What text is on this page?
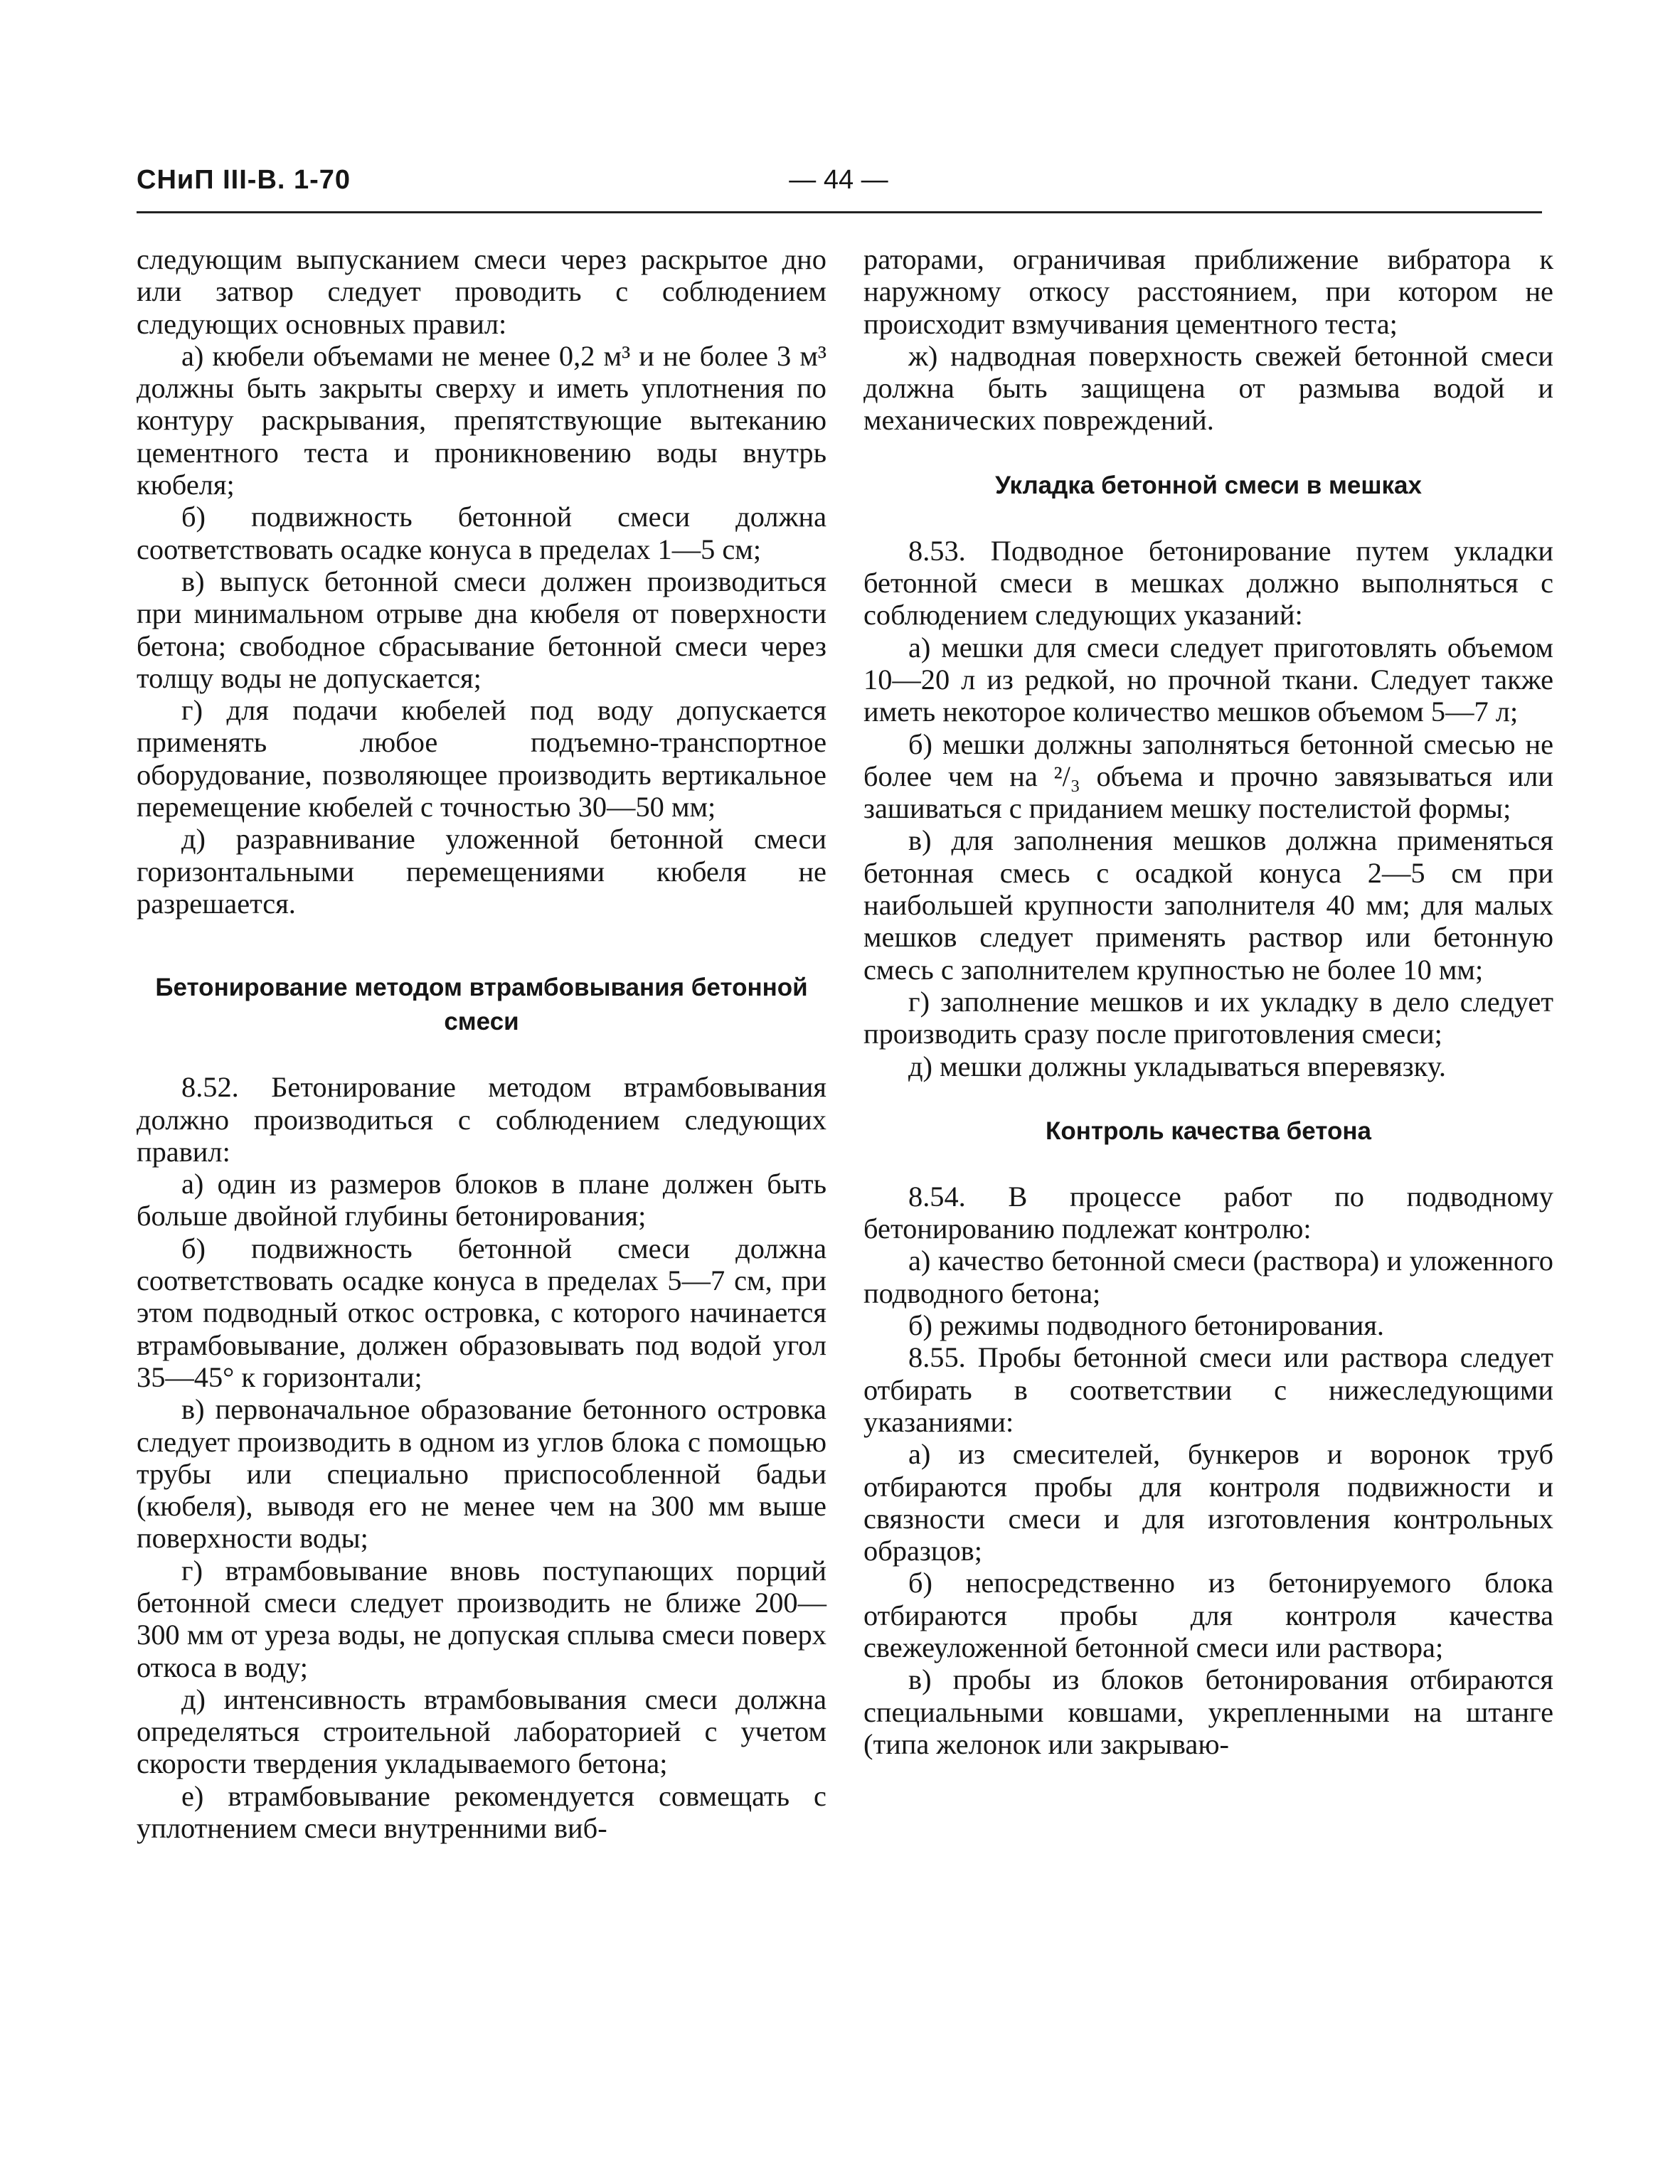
СНиП III-В. 1-70	— 44 —

следующим выпусканием смеси через раскрытое дно или затвор следует проводить с соблюдением следующих основных правил:

а) кюбели объемами не менее 0,2 м³ и не более 3 м³ должны быть закрыты сверху и иметь уплотнения по контуру раскрывания, препятствующие вытеканию цементного теста и проникновению воды внутрь кюбеля;

б) подвижность бетонной смеси должна соответствовать осадке конуса в пределах 1—5 см;

в) выпуск бетонной смеси должен производиться при минимальном отрыве дна кюбеля от поверхности бетона; свободное сбрасывание бетонной смеси через толщу воды не допускается;

г) для подачи кюбелей под воду допускается применять любое подъемно-транспортное оборудование, позволяющее производить вертикальное перемещение кюбелей с точностью 30—50 мм;

д) разравнивание уложенной бетонной смеси горизонтальными перемещениями кюбеля не разрешается.

Бетонирование методом втрамбовывания бетонной смеси

8.52. Бетонирование методом втрамбовывания должно производиться с соблюдением следующих правил:

а) один из размеров блоков в плане должен быть больше двойной глубины бетонирования;

б) подвижность бетонной смеси должна соответствовать осадке конуса в пределах 5—7 см, при этом подводный откос островка, с которого начинается втрамбовывание, должен образовывать под водой угол 35—45° к горизонтали;

в) первоначальное образование бетонного островка следует производить в одном из углов блока с помощью трубы или специально приспособленной бадьи (кюбеля), выводя его не менее чем на 300 мм выше поверхности воды;

г) втрамбовывание вновь поступающих порций бетонной смеси следует производить не ближе 200—300 мм от уреза воды, не допуская сплыва смеси поверх откоса в воду;

д) интенсивность втрамбовывания смеси должна определяться строительной лабораторией с учетом скорости твердения укладываемого бетона;

е) втрамбовывание рекомендуется совмещать с уплотнением смеси внутренними виб-

раторами, ограничивая приближение вибратора к наружному откосу расстоянием, при котором не происходит взмучивания цементного теста;

ж) надводная поверхность свежей бетонной смеси должна быть защищена от размыва водой и механических повреждений.

Укладка бетонной смеси в мешках

8.53. Подводное бетонирование путем укладки бетонной смеси в мешках должно выполняться с соблюдением следующих указаний:

а) мешки для смеси следует приготовлять объемом 10—20 л из редкой, но прочной ткани. Следует также иметь некоторое количество мешков объемом 5—7 л;

б) мешки должны заполняться бетонной смесью не более чем на ²/₃ объема и прочно завязываться или зашиваться с приданием мешку постелистой формы;

в) для заполнения мешков должна применяться бетонная смесь с осадкой конуса 2—5 см при наибольшей крупности заполнителя 40 мм; для малых мешков следует применять раствор или бетонную смесь с заполнителем крупностью не более 10 мм;

г) заполнение мешков и их укладку в дело следует производить сразу после приготовления смеси;

д) мешки должны укладываться вперевязку.

Контроль качества бетона

8.54. В процессе работ по подводному бетонированию подлежат контролю:

а) качество бетонной смеси (раствора) и уложенного подводного бетона;

б) режимы подводного бетонирования.

8.55. Пробы бетонной смеси или раствора следует отбирать в соответствии с нижеследующими указаниями:

а) из смесителей, бункеров и воронок труб отбираются пробы для контроля подвижности и связности смеси и для изготовления контрольных образцов;

б) непосредственно из бетонируемого блока отбираются пробы для контроля качества свежеуложенной бетонной смеси или раствора;

в) пробы из блоков бетонирования отбираются специальными ковшами, укрепленными на штанге (типа желонок или закрываю-
